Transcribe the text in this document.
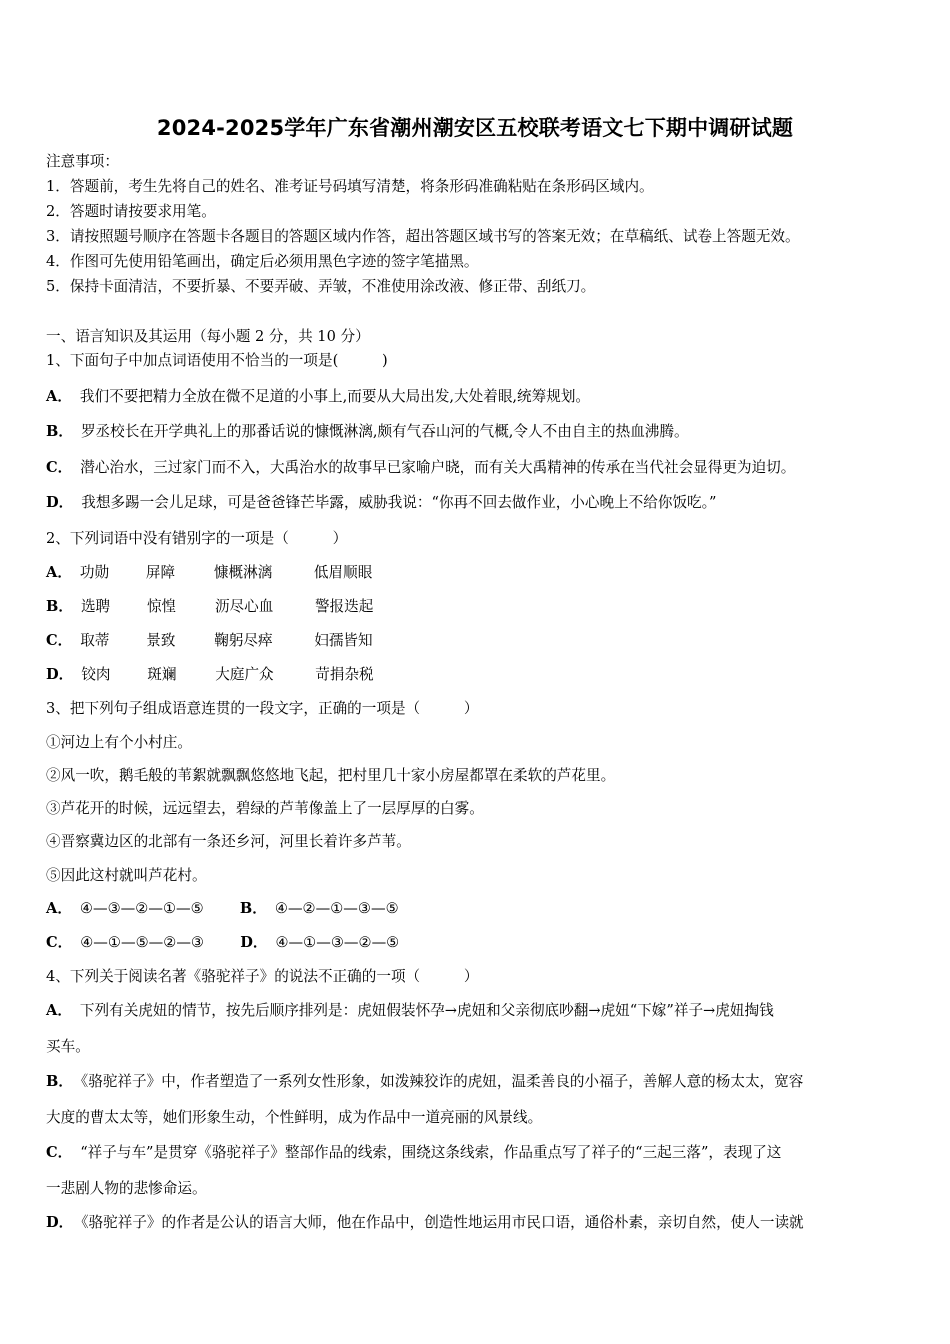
2024-2025学年广东省潮州潮安区五校联考语文七下期中调研试题
注意事项：
1．答题前，考生先将自己的姓名、准考证号码填写清楚，将条形码准确粘贴在条形码区域内。
2．答题时请按要求用笔。
3．请按照题号顺序在答题卡各题目的答题区域内作答，超出答题区域书写的答案无效；在草稿纸、试卷上答题无效。
4．作图可先使用铅笔画出，确定后必须用黑色字迹的签字笔描黑。
5．保持卡面清洁，不要折暴、不要弄破、弄皱，不准使用涂改液、修正带、刮纸刀。
一、语言知识及其运用（每小题 2 分，共 10 分）
1、下面句子中加点词语使用不恰当的一项是(　　　)
A． 我们不要把精力全放在微不足道的小事上,而要从大局出发,大处着眼,统筹规划。
B． 罗丞校长在开学典礼上的那番话说的慷慨淋漓,颇有气吞山河的气概,令人不由自主的热血沸腾。
C． 潜心治水，三过家门而不入，大禹治水的故事早已家喻户晓，而有关大禹精神的传承在当代社会显得更为迫切。
D． 我想多踢一会儿足球，可是爸爸锋芒毕露，威胁我说：“你再不回去做作业，小心晚上不给你饭吃。”
2、下列词语中没有错别字的一项是（　　　）
A． 功勋	屏障	慷概淋漓	低眉顺眼
B． 选聘	惊惶	沥尽心血	警报迭起
C． 取蒂	景致	鞠躬尽瘁	妇孺皆知
D． 铰肉	斑斓	大庭广众	苛捐杂税
3、把下列句子组成语意连贯的一段文字，正确的一项是（　　　）
①河边上有个小村庄。
②风一吹，鹅毛般的苇絮就飘飘悠悠地飞起，把村里几十家小房屋都罩在柔软的芦花里。
③芦花开的时候，远远望去，碧绿的芦苇像盖上了一层厚厚的白雾。
④晋察冀边区的北部有一条还乡河，河里长着许多芦苇。
⑤因此这村就叫芦花村。
A． ④—③—②—①—⑤ B． ④—②—①—③—⑤
C． ④—①—⑤—②—③ D． ④—①—③—②—⑤
4、下列关于阅读名著《骆驼祥子》的说法不正确的一项（　　　）
A． 下列有关虎妞的情节，按先后顺序排列是：虎妞假装怀孕→虎妞和父亲彻底吵翻→虎妞“下嫁”祥子→虎妞掏钱
买车。
B． 《骆驼祥子》中，作者塑造了一系列女性形象，如泼辣狡诈的虎妞，温柔善良的小福子，善解人意的杨太太，宽容
大度的曹太太等，她们形象生动，个性鲜明，成为作品中一道亮丽的风景线。
C． “祥子与车”是贯穿《骆驼祥子》整部作品的线索，围绕这条线索，作品重点写了祥子的“三起三落”，表现了这
一悲剧人物的悲惨命运。
D． 《骆驼祥子》的作者是公认的语言大师，他在作品中，创造性地运用市民口语，通俗朴素，亲切自然，使人一读就
